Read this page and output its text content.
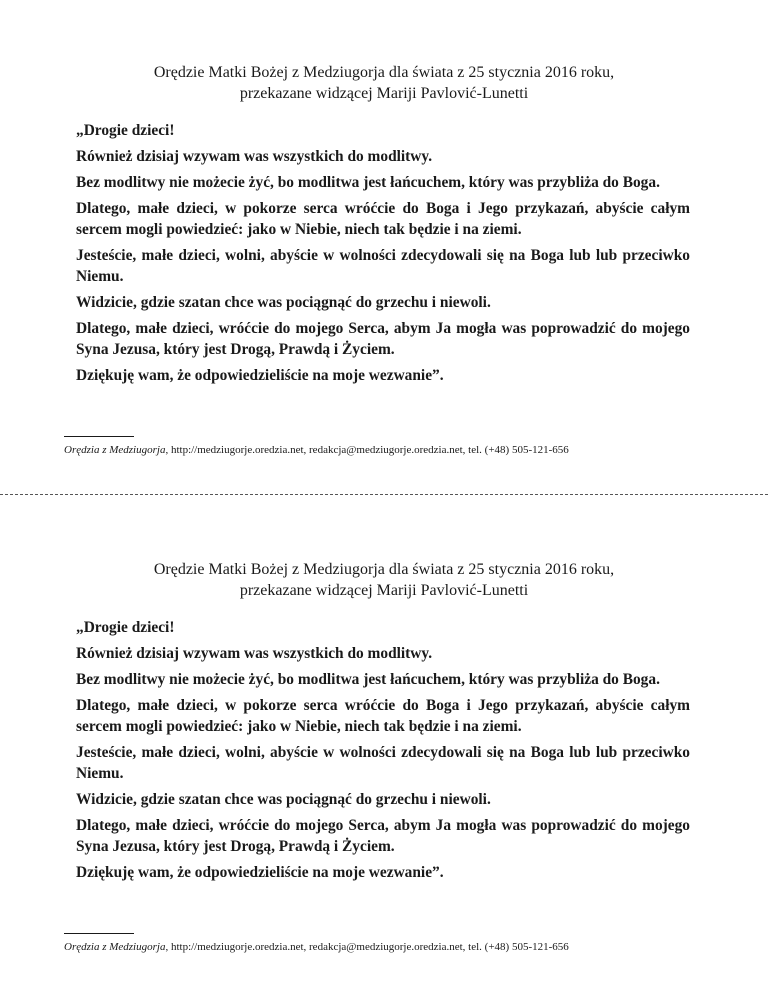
Orędzie Matki Bożej z Medziugorja dla świata z 25 stycznia 2016 roku,
przekazane widzącej Mariji Pavlović-Lunetti

„Drogie dzieci!

Również dzisiaj wzywam was wszystkich do modlitwy.

Bez modlitwy nie możecie żyć, bo modlitwa jest łańcuchem, który was przybliża do Boga.

Dlatego, małe dzieci, w pokorze serca wróćcie do Boga i Jego przykazań, abyście całym sercem mogli powiedzieć: jako w Niebie, niech tak będzie i na ziemi.

Jesteście, małe dzieci, wolni, abyście w wolności zdecydowali się na Boga lub lub przeciwko Niemu.

Widzicie, gdzie szatan chce was pociągnąć do grzechu i niewoli.

Dlatego, małe dzieci, wróćcie do mojego Serca, abym Ja mogła was poprowadzić do mojego Syna Jezusa, który jest Drogą, Prawdą i Życiem.

Dziękuję wam, że odpowiedzieliście na moje wezwanie”.

Orędzia z Medziugorja, http://medziugorje.oredzia.net, redakcja@medziugorje.oredzia.net, tel. (+48) 505-121-656
Orędzie Matki Bożej z Medziugorja dla świata z 25 stycznia 2016 roku,
przekazane widzącej Mariji Pavlović-Lunetti

„Drogie dzieci!

Również dzisiaj wzywam was wszystkich do modlitwy.

Bez modlitwy nie możecie żyć, bo modlitwa jest łańcuchem, który was przybliża do Boga.

Dlatego, małe dzieci, w pokorze serca wróćcie do Boga i Jego przykazań, abyście całym sercem mogli powiedzieć: jako w Niebie, niech tak będzie i na ziemi.

Jesteście, małe dzieci, wolni, abyście w wolności zdecydowali się na Boga lub lub przeciwko Niemu.

Widzicie, gdzie szatan chce was pociągnąć do grzechu i niewoli.

Dlatego, małe dzieci, wróćcie do mojego Serca, abym Ja mogła was poprowadzić do mojego Syna Jezusa, który jest Drogą, Prawdą i Życiem.

Dziękuję wam, że odpowiedzieliście na moje wezwanie”.

Orędzia z Medziugorja, http://medziugorje.oredzia.net, redakcja@medziugorje.oredzia.net, tel. (+48) 505-121-656
